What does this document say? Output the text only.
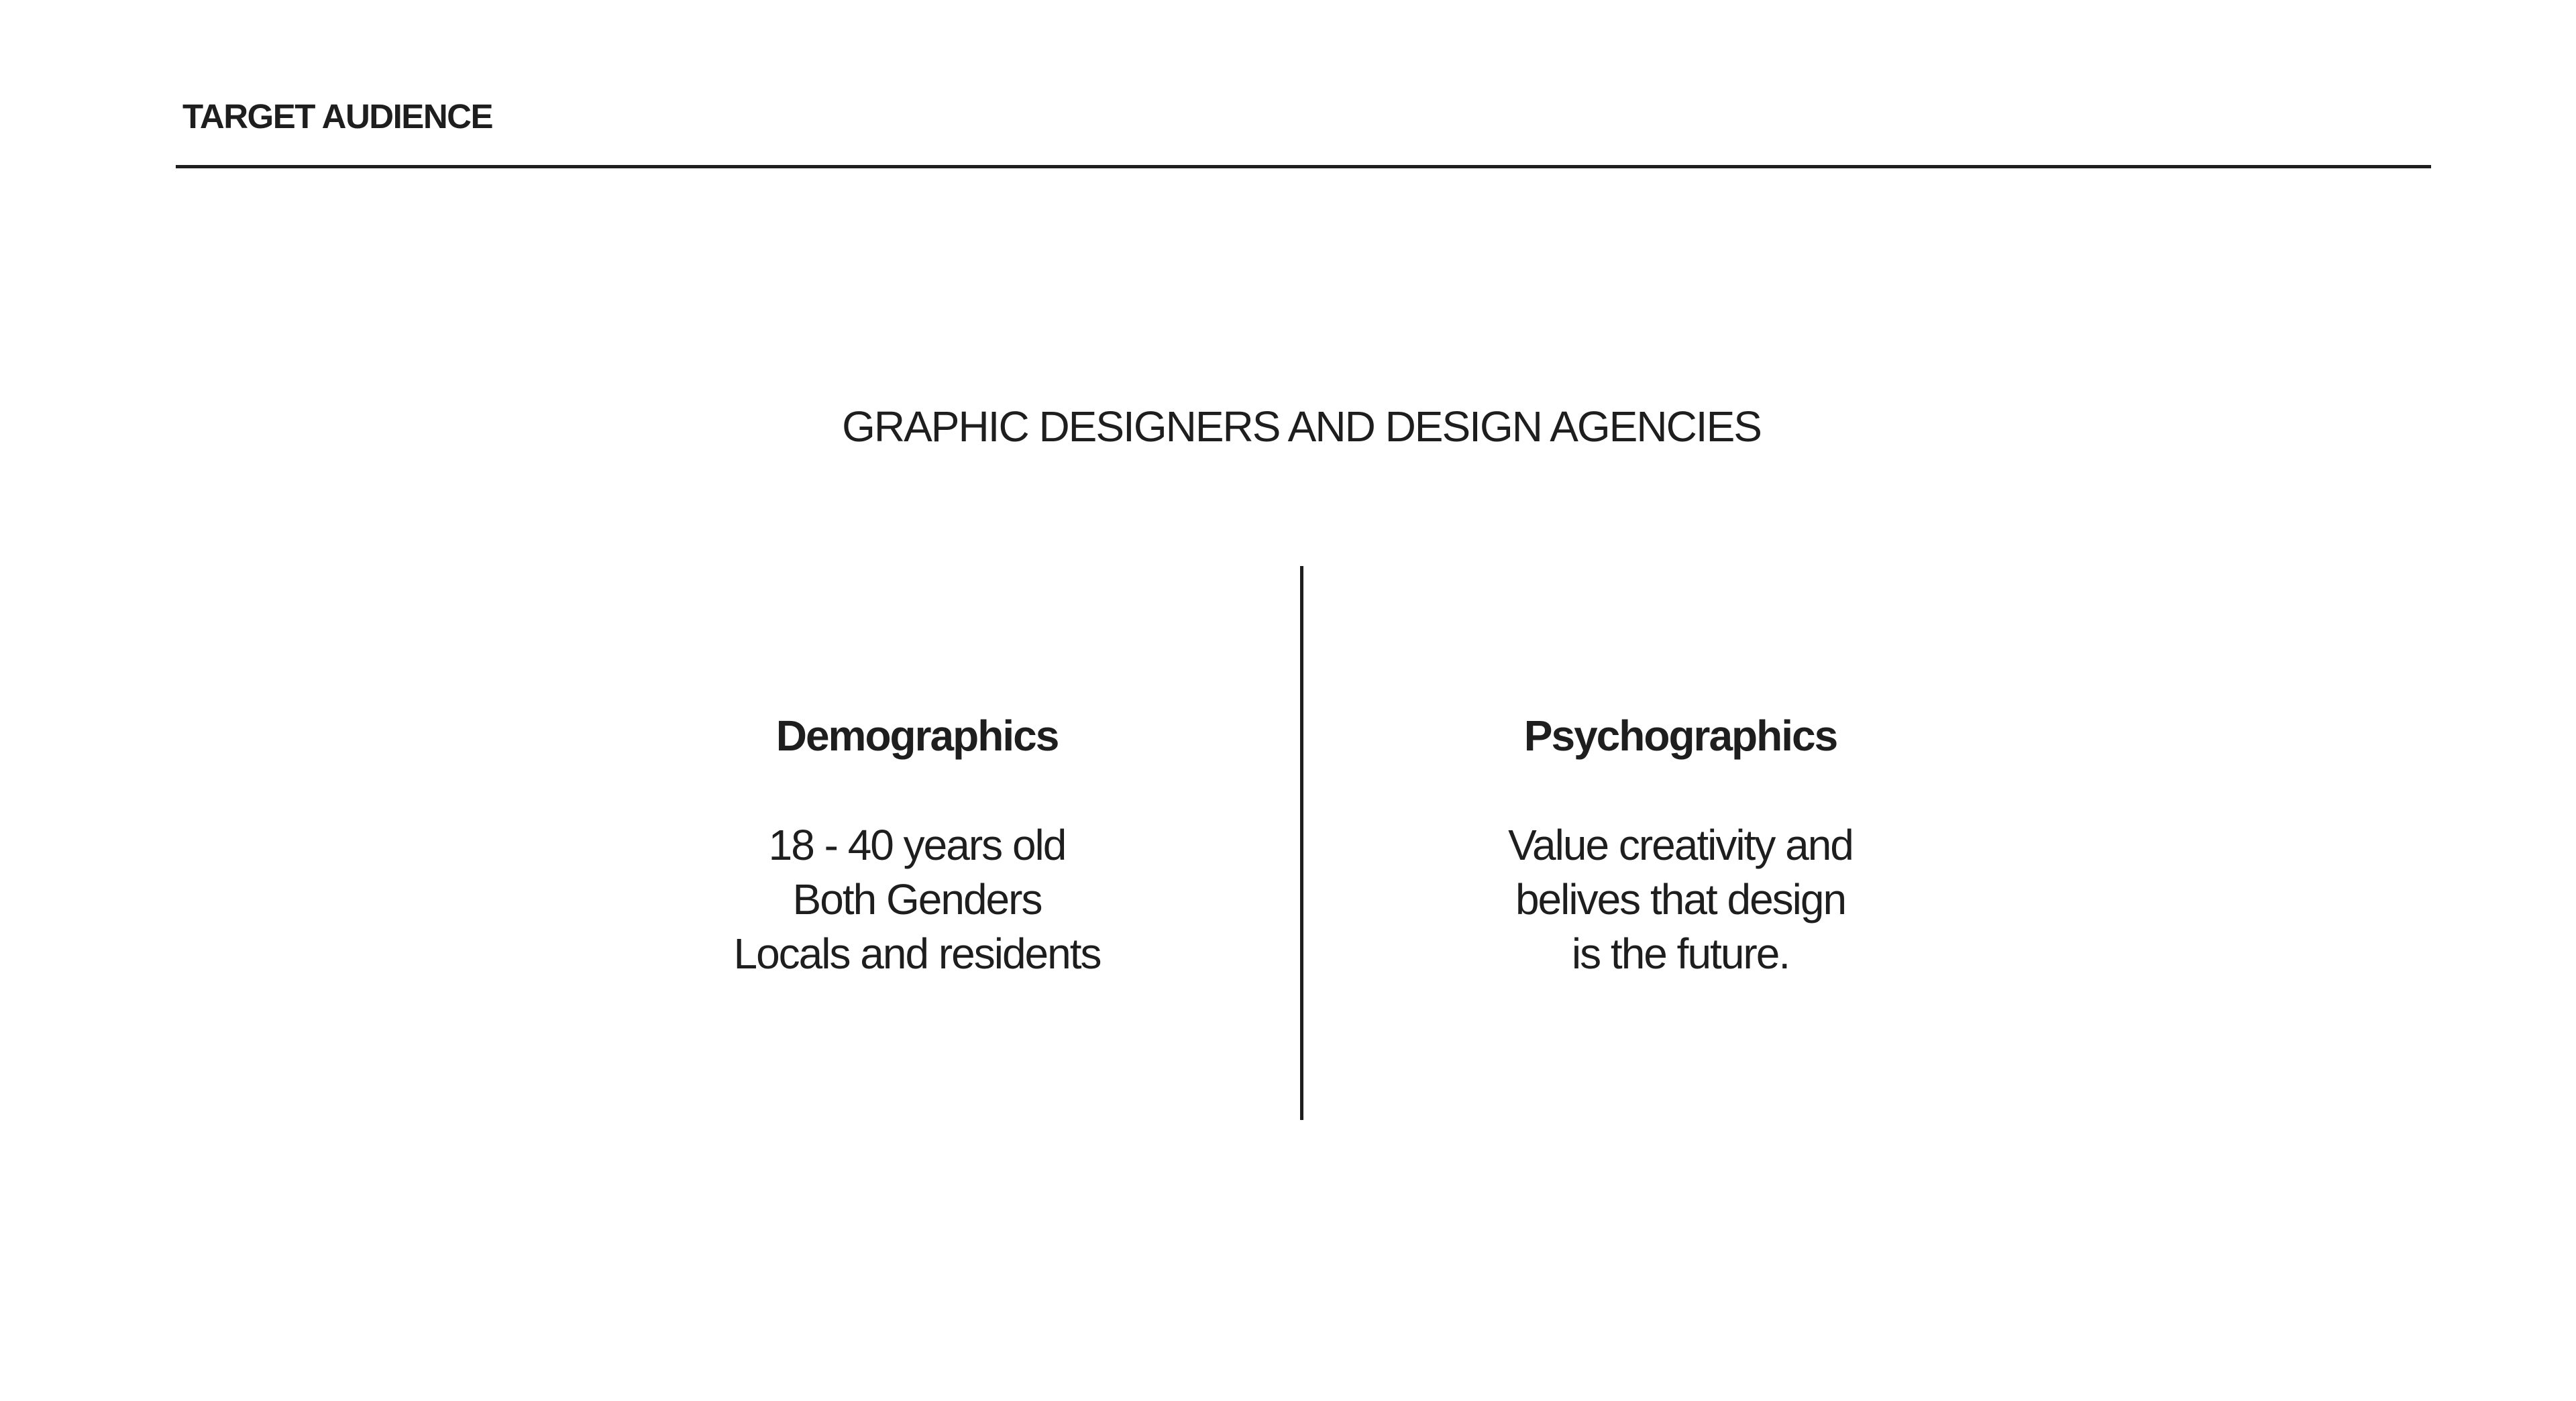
TARGET AUDIENCE
GRAPHIC DESIGNERS AND DESIGN AGENCIES
Demographics
18 - 40 years old
Both Genders
Locals and residents
Psychographics
Value creativity and
belives that design
is the future.
